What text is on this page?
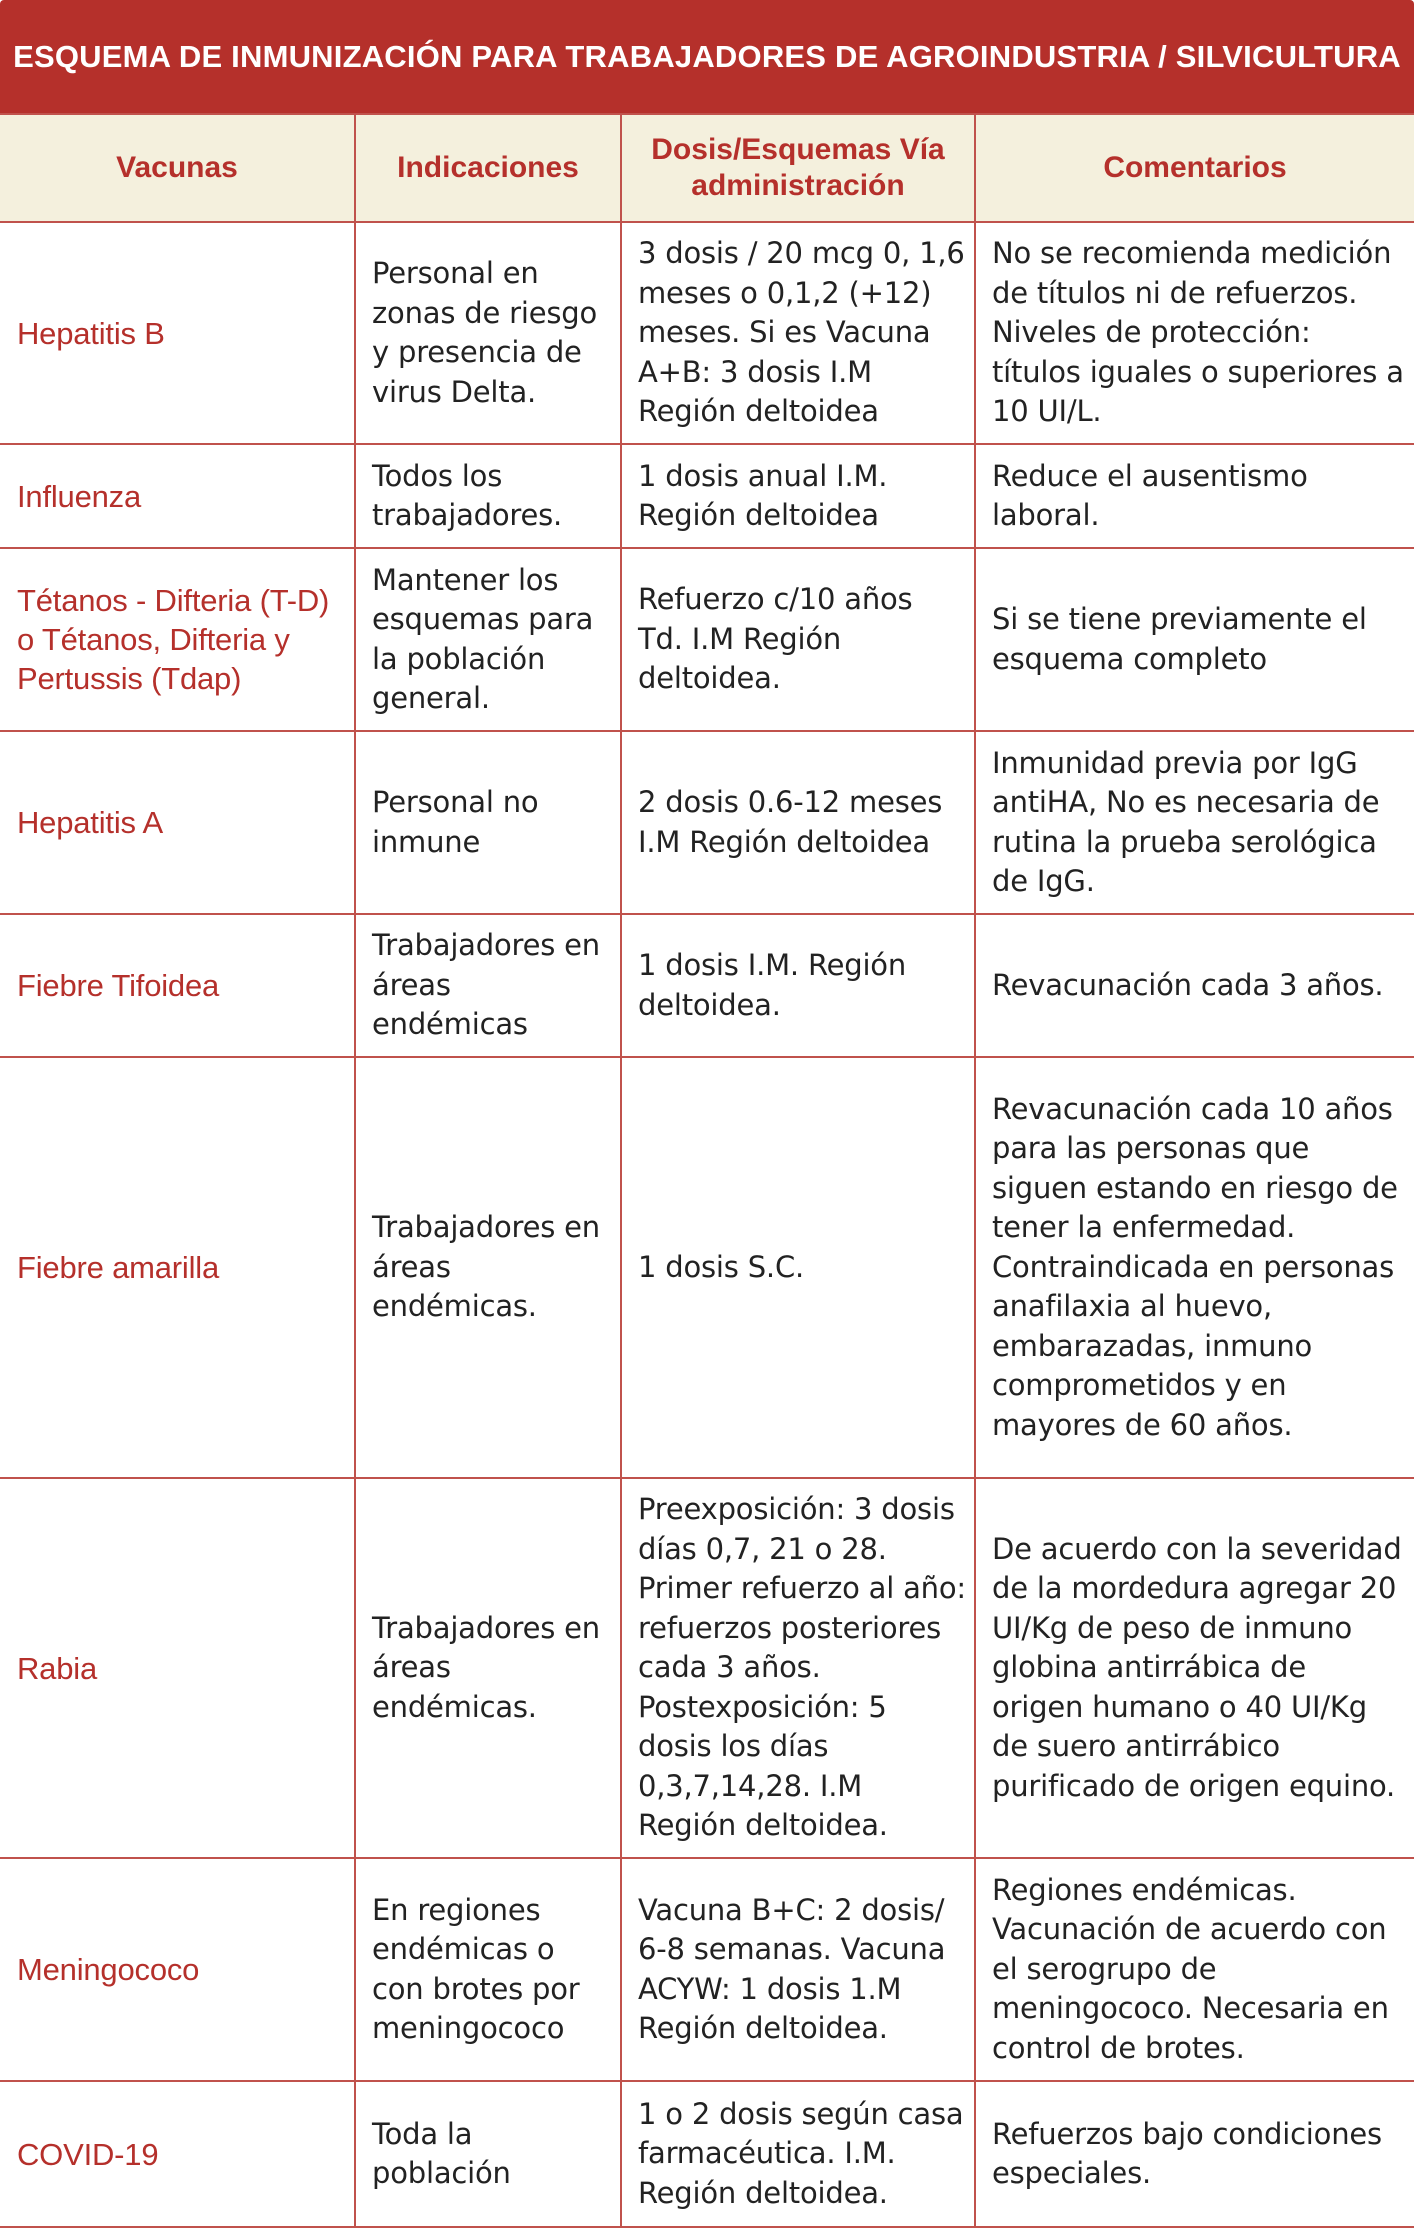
ESQUEMA DE INMUNIZACIÓN PARA TRABAJADORES DE AGROINDUSTRIA / SILVICULTURA
Vacunas	Indicaciones	Dosis/Esquemas Vía administración	Comentarios
Hepatitis B	Personal en zonas de riesgo y presencia de virus Delta.	3 dosis / 20 mcg 0, 1,6 meses o 0,1,2 (+12) meses. Si es Vacuna A+B: 3 dosis I.M Región deltoidea	No se recomienda medición de títulos ni de refuerzos. Niveles de protección: títulos iguales o superiores a 10 UI/L.
Influenza	Todos los trabajadores.	1 dosis anual I.M. Región deltoidea	Reduce el ausentismo laboral.
Tétanos - Difteria (T-D) o Tétanos, Difteria y Pertussis (Tdap)	Mantener los esquemas para la población general.	Refuerzo c/10 años Td. I.M Región deltoidea.	Si se tiene previamente el esquema completo
Hepatitis A	Personal no inmune	2 dosis 0.6-12 meses I.M Región deltoidea	Inmunidad previa por IgG antiHA, No es necesaria de rutina la prueba serológica de IgG.
Fiebre Tifoidea	Trabajadores en áreas endémicas	1 dosis I.M. Región deltoidea.	Revacunación cada 3 años.
Fiebre amarilla	Trabajadores en áreas endémicas.	1 dosis S.C.	Revacunación cada 10 años para las personas que siguen estando en riesgo de tener la enfermedad. Contraindicada en personas anafilaxia al huevo, embarazadas, inmuno comprometidos y en mayores de 60 años.
Rabia	Trabajadores en áreas endémicas.	Preexposición: 3 dosis días 0,7, 21 o 28. Primer refuerzo al año: refuerzos posteriores cada 3 años. Postexposición: 5 dosis los días 0,3,7,14,28. I.M Región deltoidea.	De acuerdo con la severidad de la mordedura agregar 20 UI/Kg de peso de inmuno globina antirrábica de origen humano o 40 UI/Kg de suero antirrábico purificado de origen equino.
Meningococo	En regiones endémicas o con brotes por meningococo	Vacuna B+C: 2 dosis/ 6-8 semanas. Vacuna ACYW: 1 dosis 1.M Región deltoidea.	Regiones endémicas. Vacunación de acuerdo con el serogrupo de meningococo. Necesaria en control de brotes.
COVID-19	Toda la población	1 o 2 dosis según casa farmacéutica. I.M. Región deltoidea.	Refuerzos bajo condiciones especiales.
